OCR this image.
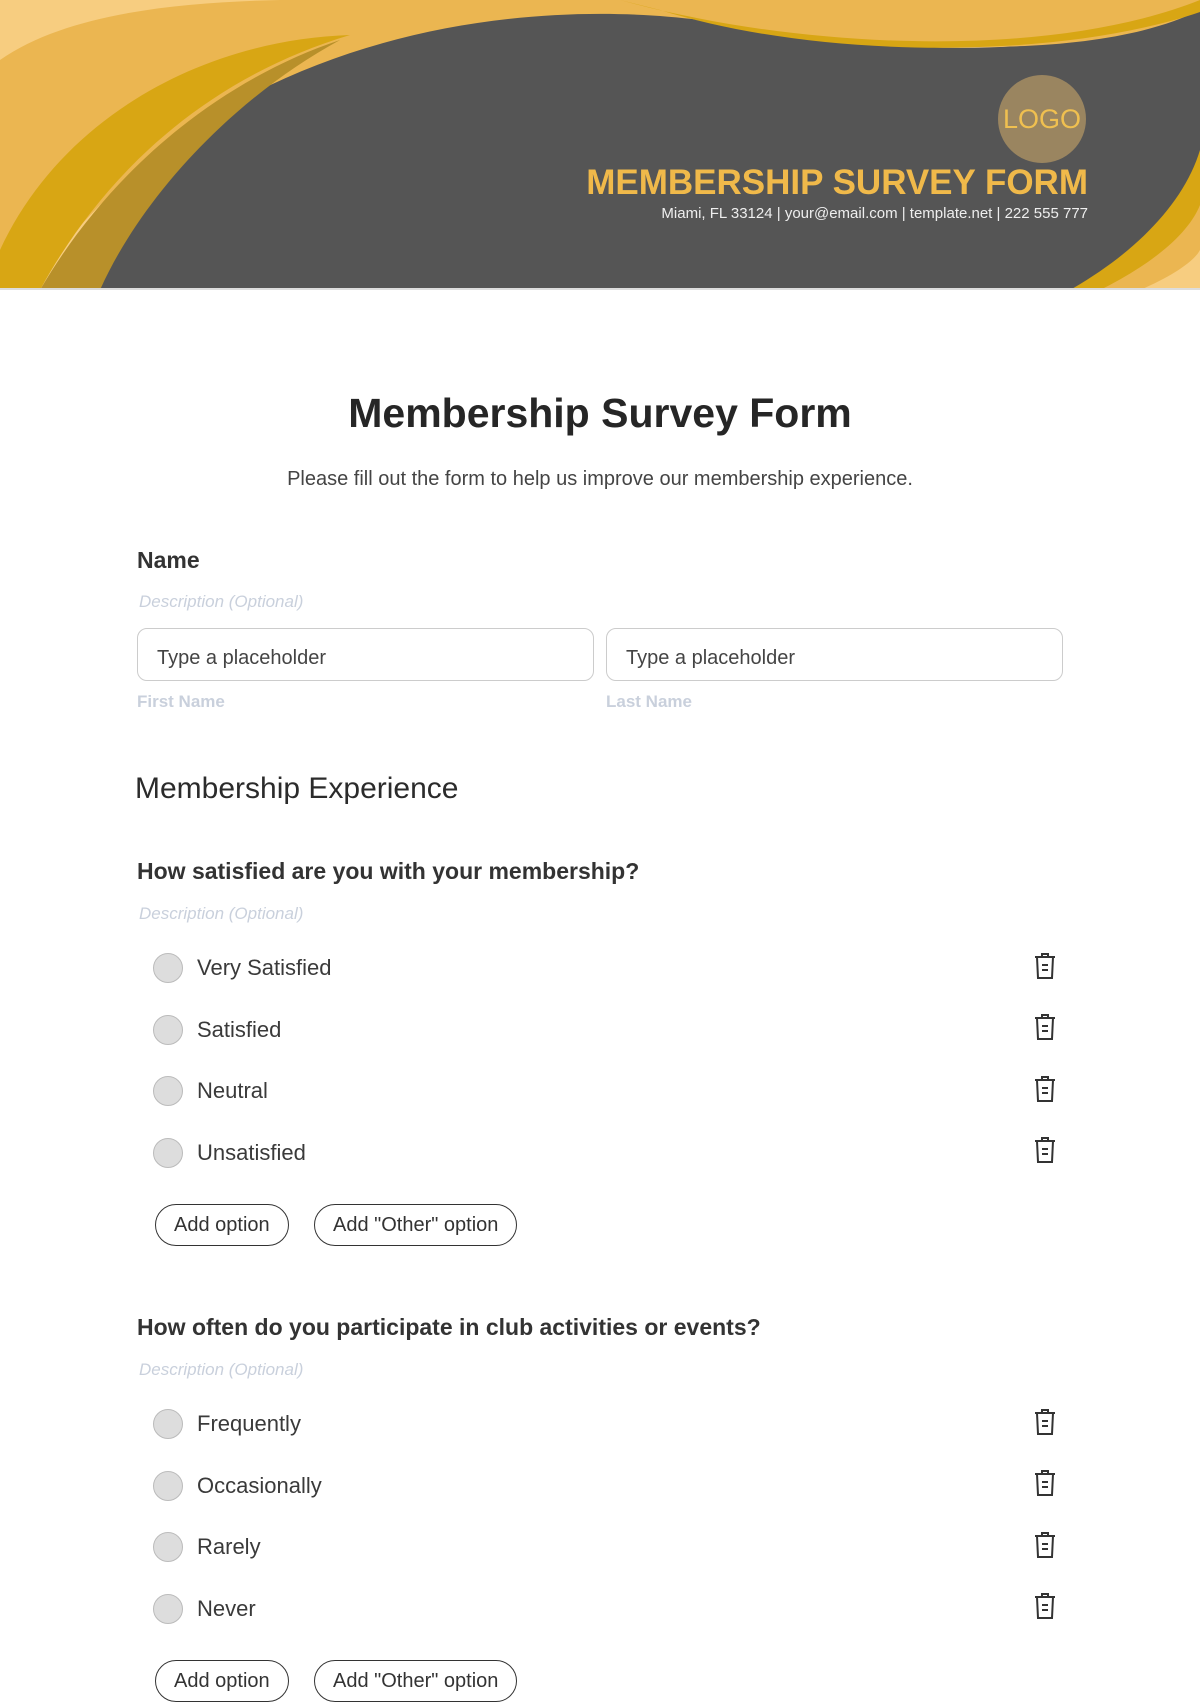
LOGO
MEMBERSHIP SURVEY FORM
Miami, FL 33124 | your@email.com | template.net | 222 555 777
Membership Survey Form
Please fill out the form to help us improve our membership experience.
Name
Description (Optional)
Type a placeholder	Type a placeholder
First Name	Last Name
Membership Experience
How satisfied are you with your membership?
Description (Optional)
Very Satisfied
Satisfied
Neutral
Unsatisfied
Add option	Add "Other" option
How often do you participate in club activities or events?
Description (Optional)
Frequently
Occasionally
Rarely
Never
Add option	Add "Other" option
